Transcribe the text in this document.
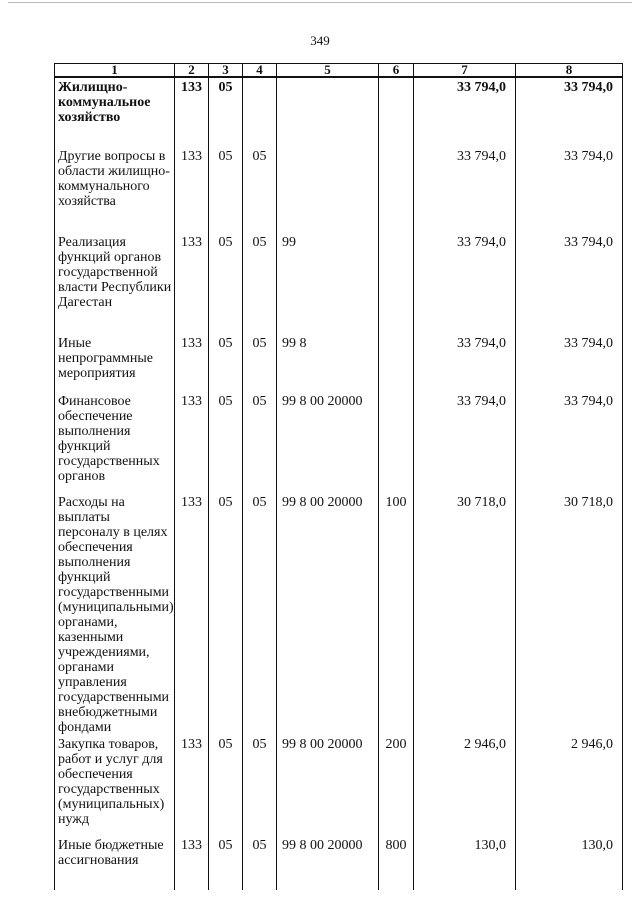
349
1	2	3	4	5	6	7	8
Жилищно-коммунальное хозяйство	133	05				33 794,0	33 794,0
Другие вопросы в области жилищно-коммунального хозяйства	133	05	05			33 794,0	33 794,0
Реализация функций органов государственной власти Республики Дагестан	133	05	05	99		33 794,0	33 794,0
Иные непрограммные мероприятия	133	05	05	99 8		33 794,0	33 794,0
Финансовое обеспечение выполнения функций государственных органов	133	05	05	99 8 00 20000		33 794,0	33 794,0
Расходы на выплаты персоналу в целях обеспечения выполнения функций государственными (муниципальными) органами, казенными учреждениями, органами управления государственными внебюджетными фондами	133	05	05	99 8 00 20000	100	30 718,0	30 718,0
Закупка товаров, работ и услуг для обеспечения государственных (муниципальных) нужд	133	05	05	99 8 00 20000	200	2 946,0	2 946,0
Иные бюджетные ассигнования	133	05	05	99 8 00 20000	800	130,0	130,0
